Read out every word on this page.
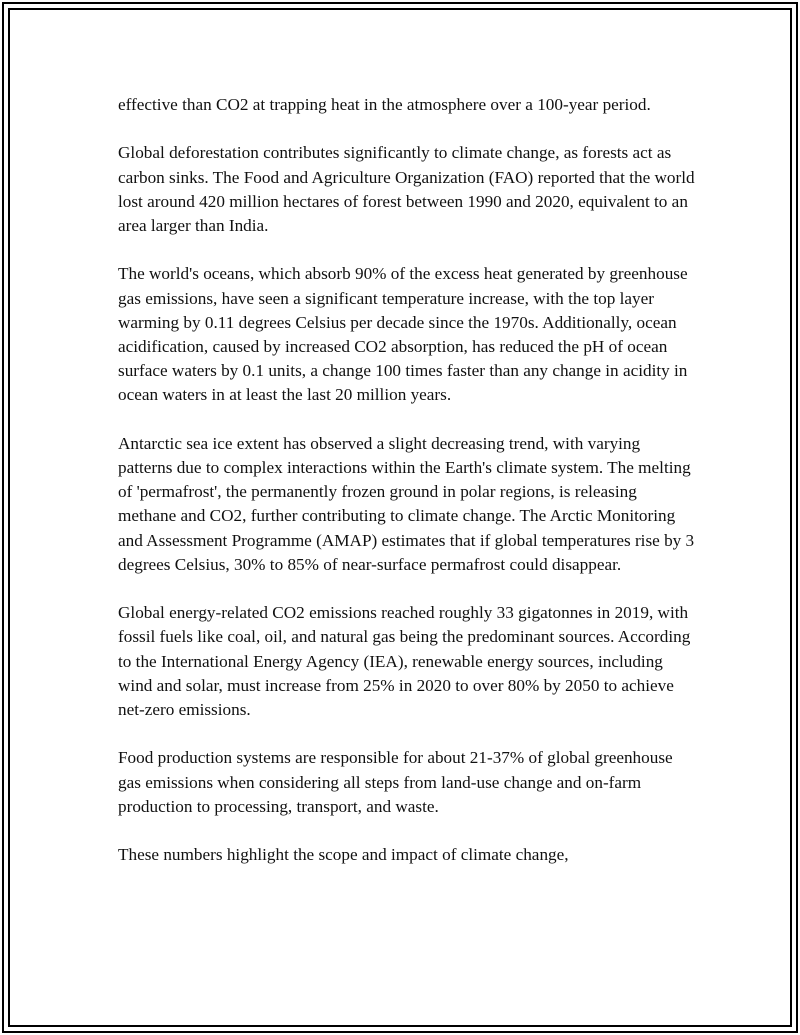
effective than CO2 at trapping heat in the atmosphere over a 100-year period.

Global deforestation contributes significantly to climate change, as forests act as carbon sinks. The Food and Agriculture Organization (FAO) reported that the world lost around 420 million hectares of forest between 1990 and 2020, equivalent to an area larger than India.

The world's oceans, which absorb 90% of the excess heat generated by greenhouse gas emissions, have seen a significant temperature increase, with the top layer warming by 0.11 degrees Celsius per decade since the 1970s. Additionally, ocean acidification, caused by increased CO2 absorption, has reduced the pH of ocean surface waters by 0.1 units, a change 100 times faster than any change in acidity in ocean waters in at least the last 20 million years.

Antarctic sea ice extent has observed a slight decreasing trend, with varying patterns due to complex interactions within the Earth's climate system. The melting of 'permafrost', the permanently frozen ground in polar regions, is releasing methane and CO2, further contributing to climate change. The Arctic Monitoring and Assessment Programme (AMAP) estimates that if global temperatures rise by 3 degrees Celsius, 30% to 85% of near-surface permafrost could disappear.

Global energy-related CO2 emissions reached roughly 33 gigatonnes in 2019, with fossil fuels like coal, oil, and natural gas being the predominant sources. According to the International Energy Agency (IEA), renewable energy sources, including wind and solar, must increase from 25% in 2020 to over 80% by 2050 to achieve net-zero emissions.

Food production systems are responsible for about 21-37% of global greenhouse gas emissions when considering all steps from land-use change and on-farm production to processing, transport, and waste.

These numbers highlight the scope and impact of climate change,
